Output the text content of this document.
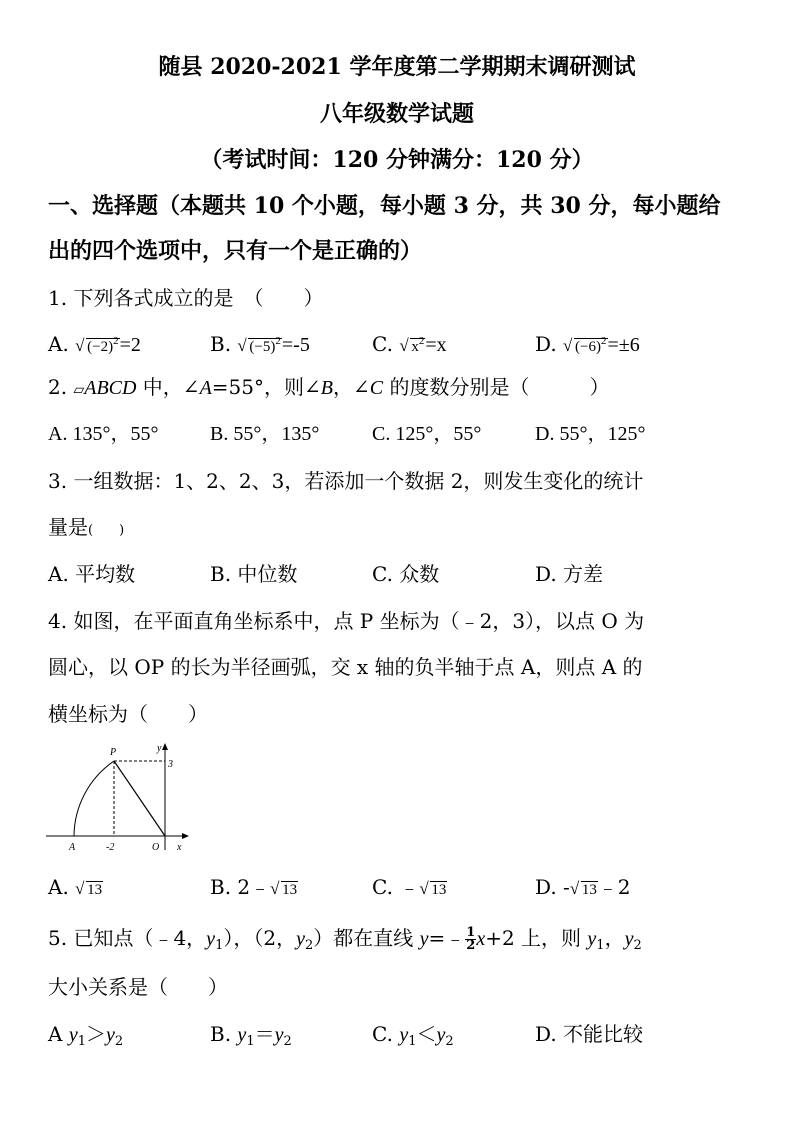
随县 2020-2021 学年度第二学期期末调研测试
八年级数学试题
（考试时间：120 分钟满分：120 分）
一、选择题（本题共 10 个小题，每小题 3 分，共 30 分，每小题给
出的四个选项中，只有一个是正确的）
1. 下列各式成立的是　（　　）
A. √ $(-2)^2=2$	B. √ $(-5)^2=-5$	C. √ $x^2=x$	D. √ $(-6)^2=\pm 6$
2. ▱ABCD 中，∠A=55°，则∠B，∠C 的度数分别是（　　　）
A. 135°，55°	B. 55°，135°	C. 125°，55°	D. 55°，125°
3. 一组数据：1、2、2、3，若添加一个数据 2，则发生变化的统计
量是(　　)
A. 平均数	B. 中位数	C. 众数	D. 方差
4. 如图，在平面直角坐标系中，点 P 坐标为（﹣2，3），以点 O 为
圆心，以 OP 的长为半径画弧，交 x 轴的负半轴于点 A，则点 A 的
横坐标为（　　）
P	y
3
A	-2	O x
A. √ 13	B. 2﹣ √ 13	C. ﹣ √ 13	D. - √ 13﹣2
5. 已知点（﹣4，$y_1$），（2，$y_2$）都在直线 y=﹣ $\frac{1}{2} x+2$ 上，则 $y_1$，$y_2$
大小关系是（　　）
A $y_1>y_2$	B. $y_1=y_2$	C. $y_1<y_2$	D. 不能比较
